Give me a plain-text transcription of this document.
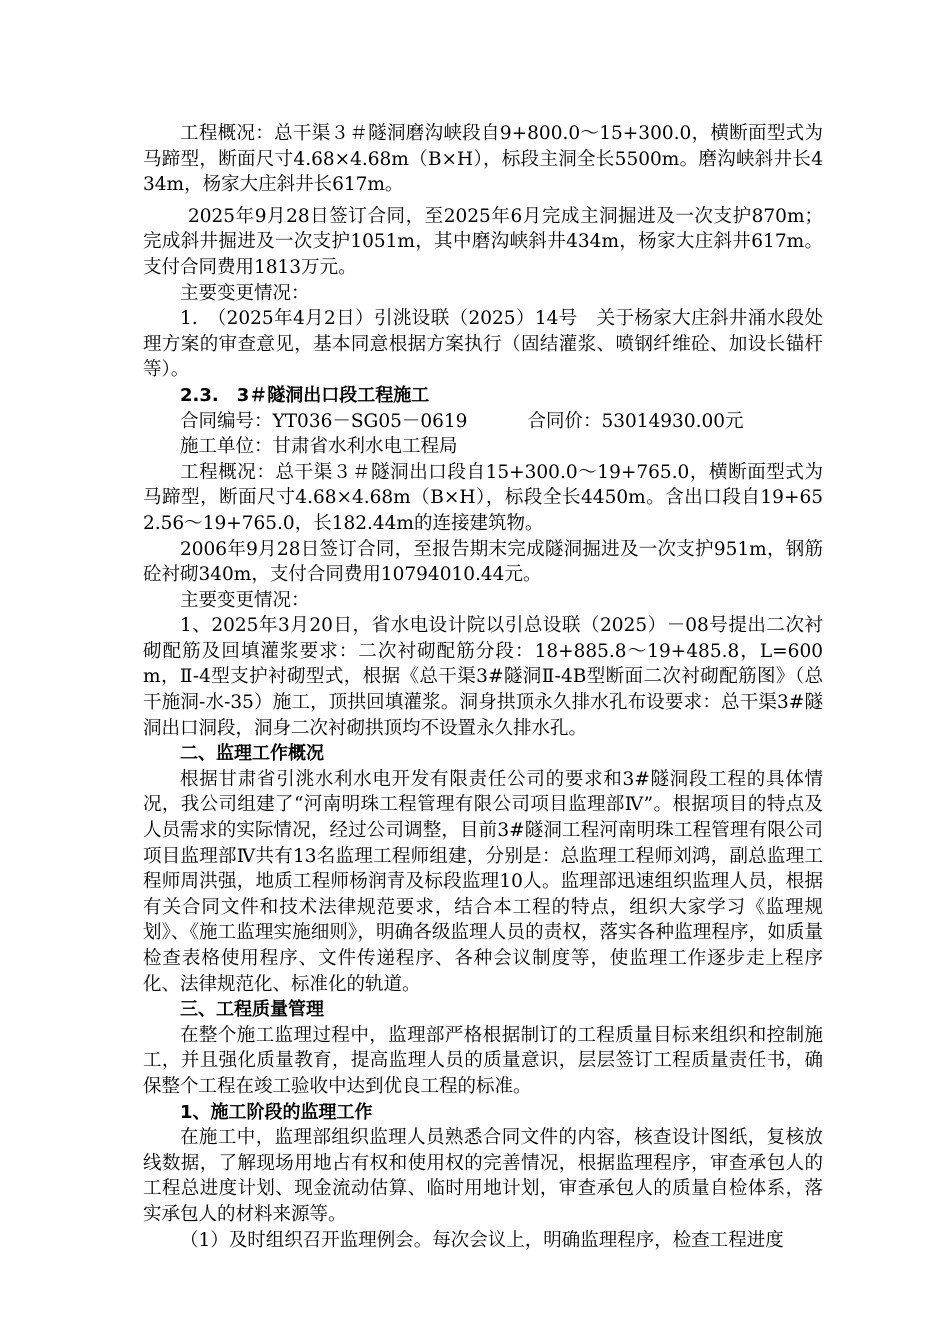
工程概况：总干渠３＃隧洞磨沟峡段自9+800.0～15+300.0，横断面型式为马蹄型，断面尺寸4.68×4.68m（B×H），标段主洞全长5500m。磨沟峡斜井长434m，杨家大庄斜井长617m。

2025年9月28日签订合同，至2025年6月完成主洞掘进及一次支护870m；完成斜井掘进及一次支护1051m，其中磨沟峡斜井434m，杨家大庄斜井617m。支付合同费用1813万元。

主要变更情况：

1.　（2025年4月2日）引洮设联（2025）14号　关于杨家大庄斜井涌水段处理方案的审查意见，基本同意根据方案执行（固结灌浆、喷钢纤维砼、加设长锚杆等）。

2.3.　3＃隧洞出口段工程施工

合同编号：YT036－SG05－0619	合同价：53014930.00元

施工单位：甘肃省水利水电工程局

工程概况：总干渠３＃隧洞出口段自15+300.0～19+765.0，横断面型式为马蹄型，断面尺寸4.68×4.68m（B×H），标段全长4450m。含出口段自19+652.56～19+765.0，长182.44m的连接建筑物。

2006年9月28日签订合同，至报告期末完成隧洞掘进及一次支护951m，钢筋砼衬砌340m，支付合同费用10794010.44元。

主要变更情况：

1、2025年3月20日，省水电设计院以引总设联（2025）－08号提出二次衬砌配筋及回填灌浆要求：二次衬砌配筋分段：18+885.8～19+485.8，L=600m，Ⅱ-4型支护衬砌型式，根据《总干渠3#隧洞Ⅱ-4B型断面二次衬砌配筋图》（总干施洞-水-35）施工，顶拱回填灌浆。洞身拱顶永久排水孔布设要求：总干渠3#隧洞出口洞段，洞身二次衬砌拱顶均不设置永久排水孔。

二、监理工作概况

根据甘肃省引洮水利水电开发有限责任公司的要求和3#隧洞段工程的具体情况，我公司组建了“河南明珠工程管理有限公司项目监理部Ⅳ”。根据项目的特点及人员需求的实际情况，经过公司调整，目前3#隧洞工程河南明珠工程管理有限公司项目监理部Ⅳ共有13名监理工程师组建，分别是：总监理工程师刘鸿，副总监理工程师周洪强，地质工程师杨润青及标段监理10人。监理部迅速组织监理人员，根据有关合同文件和技术法律规范要求，结合本工程的特点，组织大家学习《监理规划》、《施工监理实施细则》，明确各级监理人员的责权，落实各种监理程序，如质量检查表格使用程序、文件传递程序、各种会议制度等，使监理工作逐步走上程序化、法律规范化、标准化的轨道。

三、工程质量管理

在整个施工监理过程中，监理部严格根据制订的工程质量目标来组织和控制施工，并且强化质量教育，提高监理人员的质量意识，层层签订工程质量责任书，确保整个工程在竣工验收中达到优良工程的标准。

1、施工阶段的监理工作

在施工中，监理部组织监理人员熟悉合同文件的内容，核查设计图纸，复核放线数据，了解现场用地占有权和使用权的完善情况，根据监理程序，审查承包人的工程总进度计划、现金流动估算、临时用地计划，审查承包人的质量自检体系，落实承包人的材料来源等。

（1）及时组织召开监理例会。每次会议上，明确监理程序，检查工程进度
